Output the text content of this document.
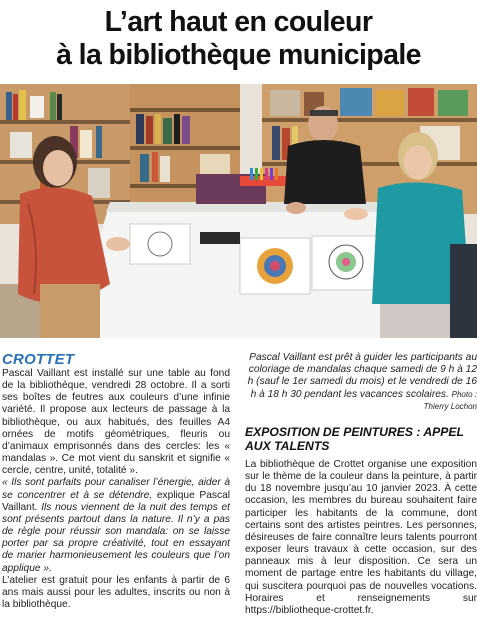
L’art haut en couleur
à la bibliothèque municipale
CROTTET

Pascal Vaillant est installé sur une table au fond de la bibliothèque, vendredi 28 octobre. Il a sorti ses boîtes de feutres aux couleurs d’une infinie variété. Il propose aux lecteurs de passage à la bibliothèque, ou aux habitués, des feuilles A4 ornées de motifs géométriques, fleuris ou d’animaux emprisonnés dans des cercles: les « mandalas ». Ce mot vient du sanskrit et signifie « cercle, centre, unité, totalité ».

« Ils sont parfaits pour canaliser l’énergie, aider à se concentrer et à se détendre, explique Pascal Vaillant. Ils nous viennent de la nuit des temps et sont présents partout dans la nature. Il n’y a pas de règle pour réussir son mandala: on se laisse porter par sa propre créativité, tout en essayant de marier harmonieusement les couleurs que l’on applique ».

L’atelier est gratuit pour les enfants à partir de 6 ans mais aussi pour les adultes, inscrits ou non à la bibliothèque.

Pascal Vaillant est prêt à guider les participants au coloriage de mandalas chaque samedi de 9 h à 12 h (sauf le 1er samedi du mois) et le vendredi de 16 h à 18 h 30 pendant les vacances scolaires. Photo : Thierry Lochon
EXPOSITION DE PEINTURES : APPEL AUX TALENTS

La bibliothèque de Crottet organise une exposition sur le thème de la couleur dans la peinture, à partir du 18 novembre jusqu’au 10 janvier 2023. À cette occasion, les membres du bureau souhaitent faire participer les habitants de la commune, dont certains sont des artistes peintres. Les personnes, désireuses de faire connaître leurs talents pourront exposer leurs travaux à cette occasion, sur des panneaux mis à leur disposition. Ce sera un moment de partage entre les habitants du village, qui suscitera pourquoi pas de nouvelles vocations. Horaires et renseignements sur https://bibliotheque-crottet.fr.
